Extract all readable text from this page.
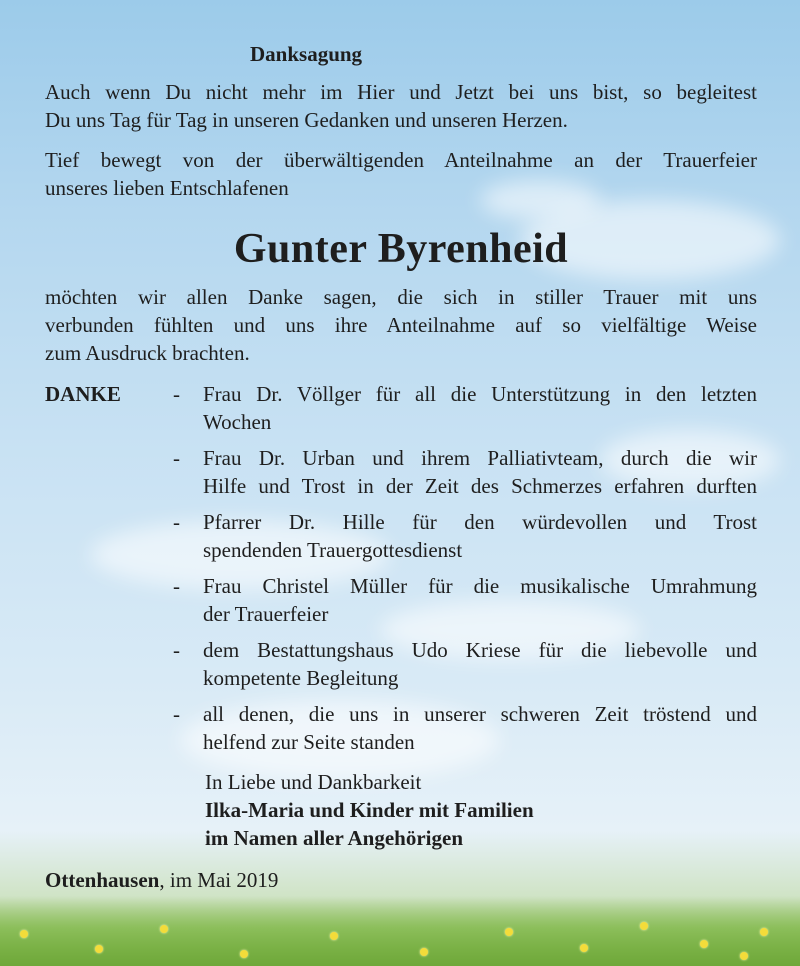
Danksagung
Auch wenn Du nicht mehr im Hier und Jetzt bei uns bist, so begleitest
Du uns Tag für Tag in unseren Gedanken und unseren Herzen.
Tief bewegt von der überwältigenden Anteilnahme an der Trauerfeier
unseres lieben Entschlafenen
Gunter Byrenheid
möchten wir allen Danke sagen, die sich in stiller Trauer mit uns
verbunden fühlten und uns ihre Anteilnahme auf so vielfältige Weise
zum Ausdruck brachten.
DANKE - Frau Dr. Völlger für all die Unterstützung in den letzten
Wochen
- Frau Dr. Urban und ihrem Palliativteam, durch die wir
Hilfe und Trost in der Zeit des Schmerzes erfahren durften
- Pfarrer Dr. Hille für den würdevollen und Trost
spendenden Trauergottesdienst
- Frau Christel Müller für die musikalische Umrahmung
der Trauerfeier
- dem Bestattungshaus Udo Kriese für die liebevolle und
kompetente Begleitung
- all denen, die uns in unserer schweren Zeit tröstend und
helfend zur Seite standen
In Liebe und Dankbarkeit
Ilka-Maria und Kinder mit Familien
im Namen aller Angehörigen
Ottenhausen, im Mai 2019
